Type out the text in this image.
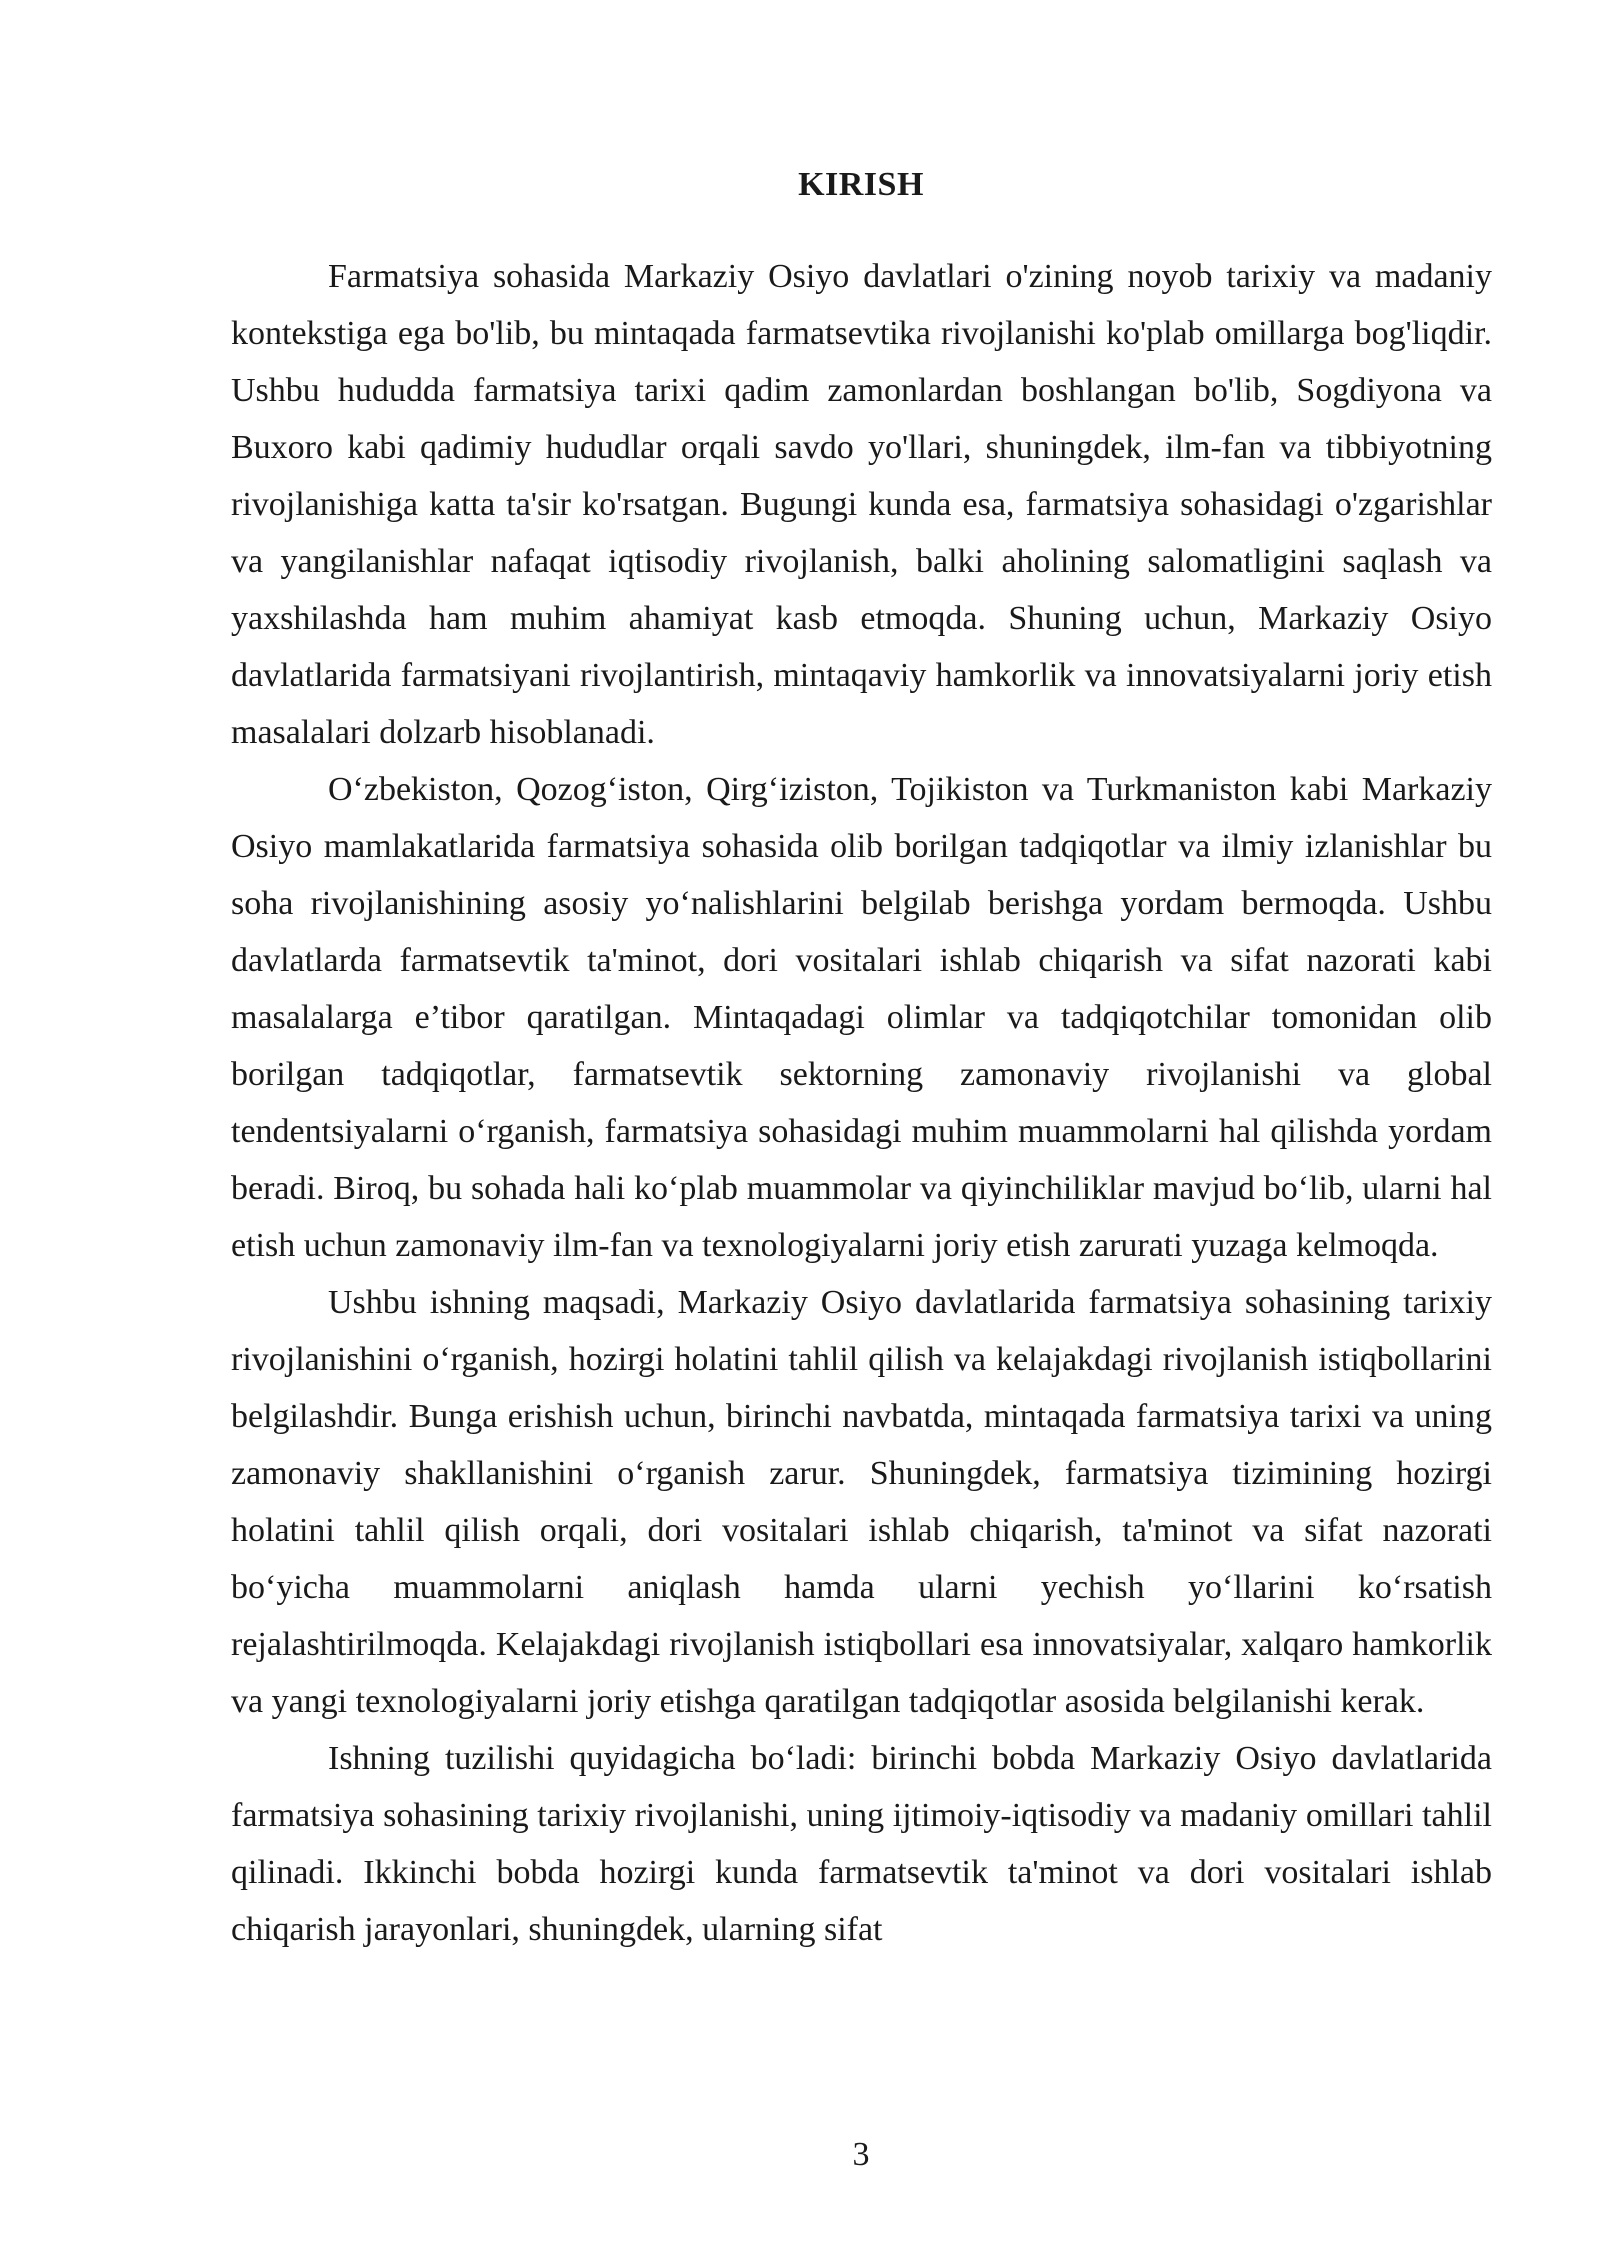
KIRISH

Farmatsiya sohasida Markaziy Osiyo davlatlari o'zining noyob tarixiy va madaniy kontekstiga ega bo'lib, bu mintaqada farmatsevtika rivojlanishi ko'plab omillarga bog'liqdir. Ushbu hududda farmatsiya tarixi qadim zamonlardan boshlangan bo'lib, Sogdiyona va Buxoro kabi qadimiy hududlar orqali savdo yo'llari, shuningdek, ilm-fan va tibbiyotning rivojlanishiga katta ta'sir ko'rsatgan. Bugungi kunda esa, farmatsiya sohasidagi o'zgarishlar va yangilanishlar nafaqat iqtisodiy rivojlanish, balki aholining salomatligini saqlash va yaxshilashda ham muhim ahamiyat kasb etmoqda. Shuning uchun, Markaziy Osiyo davlatlarida farmatsiyani rivojlantirish, mintaqaviy hamkorlik va innovatsiyalarni joriy etish masalalari dolzarb hisoblanadi.

O‘zbekiston, Qozog‘iston, Qirg‘iziston, Tojikiston va Turkmaniston kabi Markaziy Osiyo mamlakatlarida farmatsiya sohasida olib borilgan tadqiqotlar va ilmiy izlanishlar bu soha rivojlanishining asosiy yo‘nalishlarini belgilab berishga yordam bermoqda. Ushbu davlatlarda farmatsevtik ta'minot, dori vositalari ishlab chiqarish va sifat nazorati kabi masalalarga e’tibor qaratilgan. Mintaqadagi olimlar va tadqiqotchilar tomonidan olib borilgan tadqiqotlar, farmatsevtik sektorning zamonaviy rivojlanishi va global tendentsiyalarni o‘rganish, farmatsiya sohasidagi muhim muammolarni hal qilishda yordam beradi. Biroq, bu sohada hali ko‘plab muammolar va qiyinchiliklar mavjud bo‘lib, ularni hal etish uchun zamonaviy ilm-fan va texnologiyalarni joriy etish zarurati yuzaga kelmoqda.

Ushbu ishning maqsadi, Markaziy Osiyo davlatlarida farmatsiya sohasining tarixiy rivojlanishini o‘rganish, hozirgi holatini tahlil qilish va kelajakdagi rivojlanish istiqbollarini belgilashdir. Bunga erishish uchun, birinchi navbatda, mintaqada farmatsiya tarixi va uning zamonaviy shakllanishini o‘rganish zarur. Shuningdek, farmatsiya tizimining hozirgi holatini tahlil qilish orqali, dori vositalari ishlab chiqarish, ta'minot va sifat nazorati bo‘yicha muammolarni aniqlash hamda ularni yechish yo‘llarini ko‘rsatish rejalashtirilmoqda. Kelajakdagi rivojlanish istiqbollari esa innovatsiyalar, xalqaro hamkorlik va yangi texnologiyalarni joriy etishga qaratilgan tadqiqotlar asosida belgilanishi kerak.

Ishning tuzilishi quyidagicha bo‘ladi: birinchi bobda Markaziy Osiyo davlatlarida farmatsiya sohasining tarixiy rivojlanishi, uning ijtimoiy-iqtisodiy va madaniy omillari tahlil qilinadi. Ikkinchi bobda hozirgi kunda farmatsevtik ta'minot va dori vositalari ishlab chiqarish jarayonlari, shuningdek, ularning sifat

3
